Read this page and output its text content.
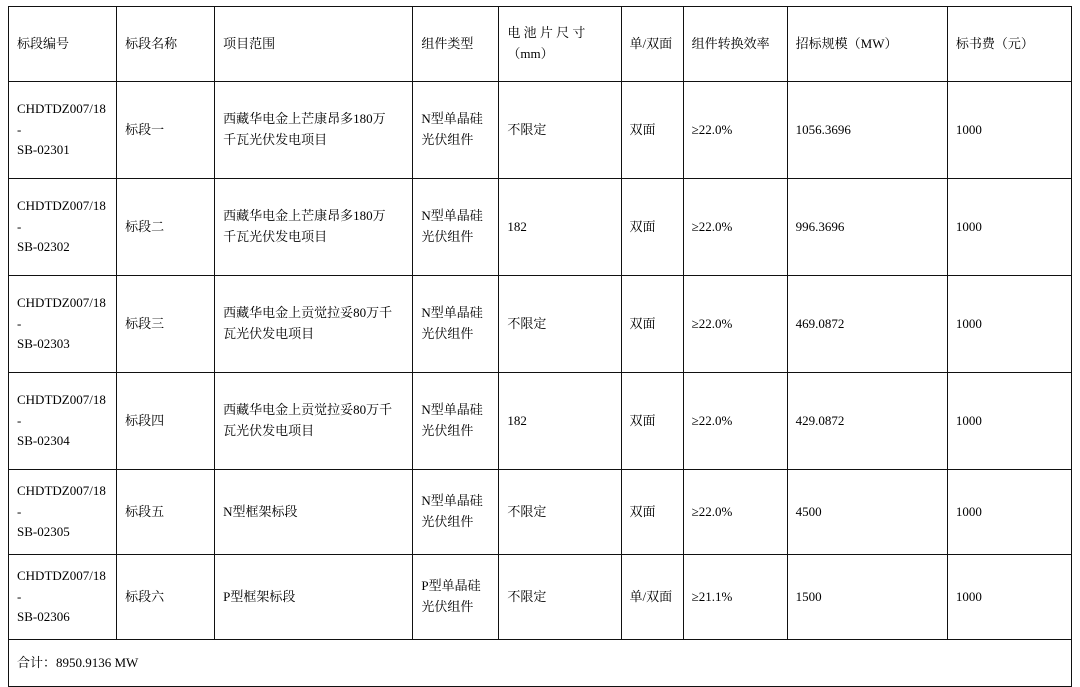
标段编号	标段名称	项目范围	组件类型	电 池 片 尺 寸
（mm）	单/双面	组件转换效率	招标规模（MW）	标书费（元）

CHDTDZ007/18-
SB-02301	标段一	西藏华电金上芒康昂多180万
千瓦光伏发电项目	N型单晶硅
光伏组件	不限定	双面	≥22.0%	1056.3696	1000

CHDTDZ007/18-
SB-02302	标段二	西藏华电金上芒康昂多180万
千瓦光伏发电项目	N型单晶硅
光伏组件	182	双面	≥22.0%	996.3696	1000

CHDTDZ007/18-
SB-02303	标段三	西藏华电金上贡觉拉妥80万千
瓦光伏发电项目	N型单晶硅
光伏组件	不限定	双面	≥22.0%	469.0872	1000

CHDTDZ007/18-
SB-02304	标段四	西藏华电金上贡觉拉妥80万千
瓦光伏发电项目	N型单晶硅
光伏组件	182	双面	≥22.0%	429.0872	1000

CHDTDZ007/18-
SB-02305	标段五	N型框架标段	N型单晶硅
光伏组件	不限定	双面	≥22.0%	4500	1000

CHDTDZ007/18-
SB-02306	标段六	P型框架标段	P型单晶硅
光伏组件	不限定	单/双面	≥21.1%	1500	1000
合计：8950.9136 MW								
